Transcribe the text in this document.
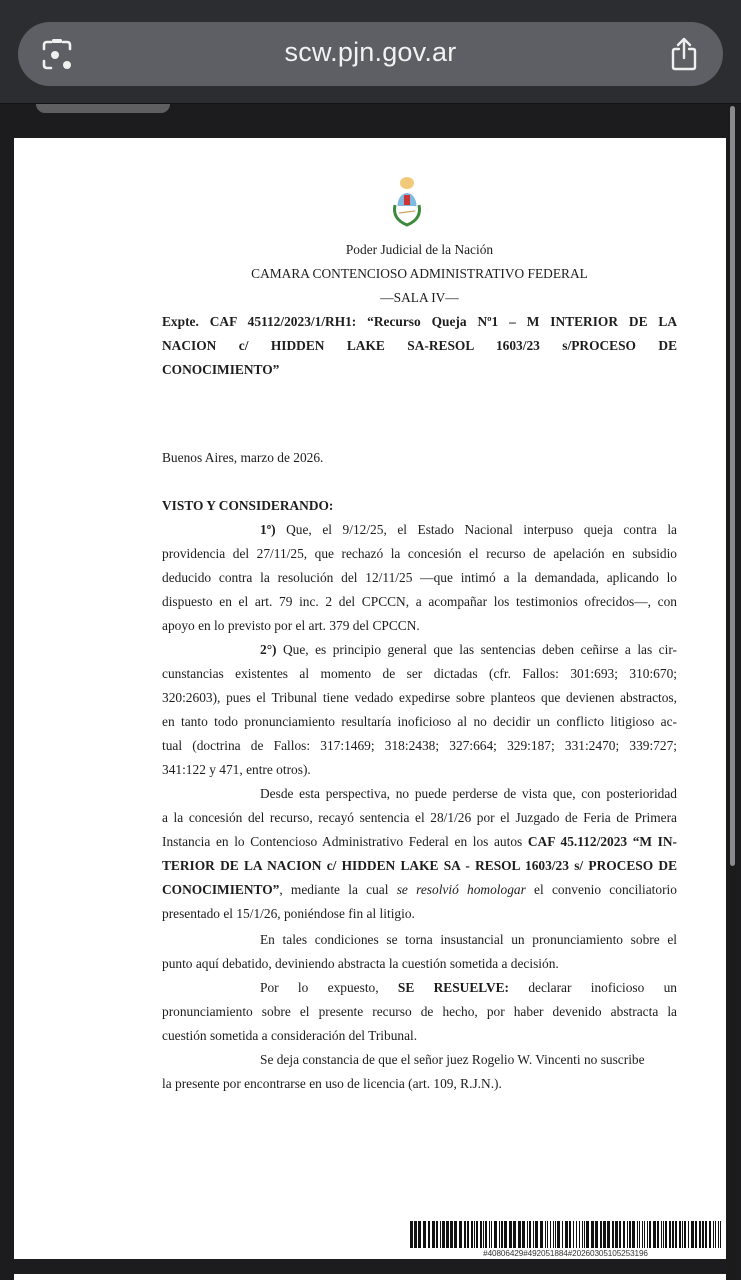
scw.pjn.gov.ar
Poder Judicial de la Nación
CAMARA CONTENCIOSO ADMINISTRATIVO FEDERAL
—SALA IV—
Expte. CAF 45112/2023/1/RH1: “Recurso Queja Nº1 – M INTERIOR DE LA
NACION c/ HIDDEN LAKE SA-RESOL 1603/23 s/PROCESO DE
CONOCIMIENTO”
Buenos Aires, marzo de 2026.
VISTO Y CONSIDERANDO:
1º) Que, el 9/12/25, el Estado Nacional interpuso queja contra la
providencia del 27/11/25, que rechazó la concesión el recurso de apelación en subsidio
deducido contra la resolución del 12/11/25 —que intimó a la demandada, aplicando lo
dispuesto en el art. 79 inc. 2 del CPCCN, a acompañar los testimonios ofrecidos—, con
apoyo en lo previsto por el art. 379 del CPCCN.
2°) Que, es principio general que las sentencias deben ceñirse a las cir-
cunstancias existentes al momento de ser dictadas (cfr. Fallos: 301:693; 310:670;
320:2603), pues el Tribunal tiene vedado expedirse sobre planteos que devienen abstractos,
en tanto todo pronunciamiento resultaría inoficioso al no decidir un conflicto litigioso ac-
tual (doctrina de Fallos: 317:1469; 318:2438; 327:664; 329:187; 331:2470; 339:727;
341:122 y 471, entre otros).
Desde esta perspectiva, no puede perderse de vista que, con posterioridad
a la concesión del recurso, recayó sentencia el 28/1/26 por el Juzgado de Feria de Primera
Instancia en lo Contencioso Administrativo Federal en los autos CAF 45.112/2023 “M IN-
TERIOR DE LA NACION c/ HIDDEN LAKE SA - RESOL 1603/23 s/ PROCESO DE
CONOCIMIENTO”, mediante la cual se resolvió homologar el convenio conciliatorio
presentado el 15/1/26, poniéndose fin al litigio.
En tales condiciones se torna insustancial un pronunciamiento sobre el
punto aquí debatido, deviniendo abstracta la cuestión sometida a decisión.
Por lo expuesto, SE RESUELVE: declarar inoficioso un
pronunciamiento sobre el presente recurso de hecho, por haber devenido abstracta la
cuestión sometida a consideración del Tribunal.
Se deja constancia de que el señor juez Rogelio W. Vincenti no suscribe
la presente por encontrarse en uso de licencia (art. 109, R.J.N.).
#40806429#492051884#20260305105253196
